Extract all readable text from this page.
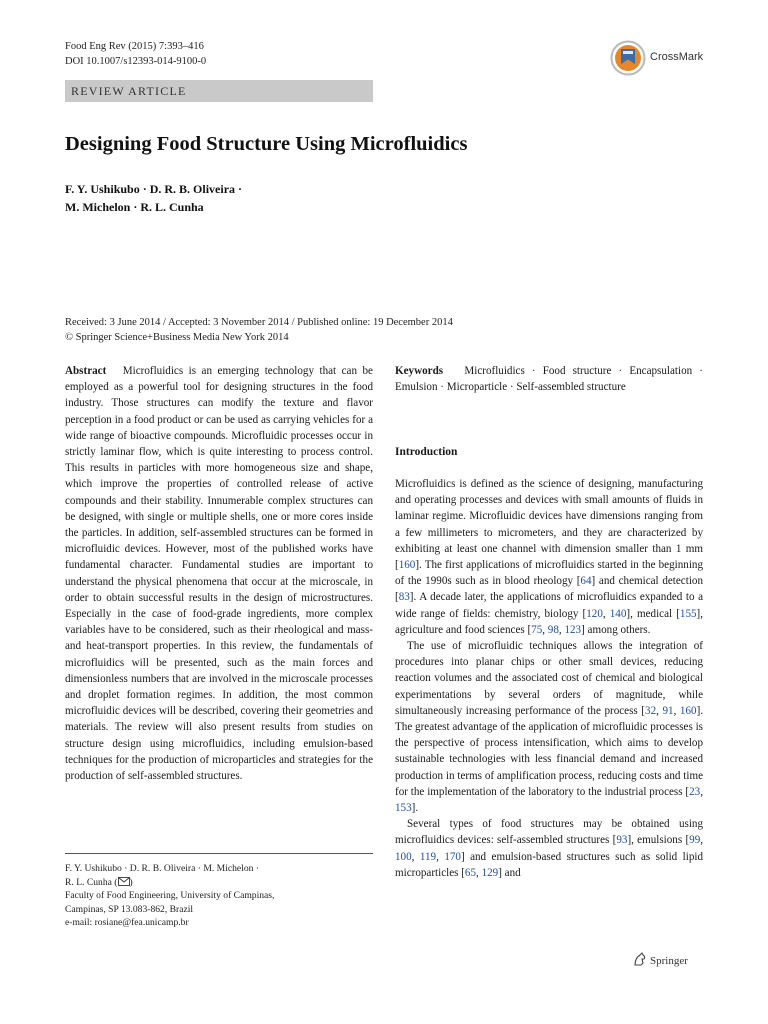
Food Eng Rev (2015) 7:393–416
DOI 10.1007/s12393-014-9100-0	CrossMark
REVIEW ARTICLE
Designing Food Structure Using Microfluidics
F. Y. Ushikubo · D. R. B. Oliveira ·
M. Michelon · R. L. Cunha
Received: 3 June 2014 / Accepted: 3 November 2014 / Published online: 19 December 2014
© Springer Science+Business Media New York 2014

Abstract Microfluidics is an emerging technology that can be employed as a powerful tool for designing structures in the food industry. Those structures can modify the texture and flavor perception in a food product or can be used as carrying vehicles for a wide range of bioactive compounds. Microfluidic processes occur in strictly laminar flow, which is quite interesting to process control. This results in particles with more homogeneous size and shape, which improve the properties of controlled release of active compounds and their stability. Innumerable complex structures can be designed, with single or multiple shells, one or more cores inside the particles. In addition, self-assembled structures can be formed in microfluidic devices. However, most of the published works have fundamental character. Fundamental studies are important to understand the physical phenomena that occur at the microscale, in order to obtain successful results in the design of microstructures. Especially in the case of food-grade ingredients, more complex variables have to be considered, such as their rheological and mass- and heat-transport properties. In this review, the fundamentals of microfluidics will be presented, such as the main forces and dimensionless numbers that are involved in the microscale processes and droplet formation regimes. In addition, the most common microfluidic devices will be described, covering their geometries and materials. The review will also present results from studies on structure design using microfluidics, including emulsion-based techniques for the production of microparticles and strategies for the production of self-assembled structures.

F. Y. Ushikubo · D. R. B. Oliveira · M. Michelon ·
R. L. Cunha ( )
Faculty of Food Engineering, University of Campinas,
Campinas, SP 13.083-862, Brazil
e-mail: rosiane@fea.unicamp.br

Keywords Microfluidics · Food structure · Encapsulation · Emulsion · Microparticle · Self-assembled structure

Introduction

Microfluidics is defined as the science of designing, manufacturing and operating processes and devices with small amounts of fluids in laminar regime. Microfluidic devices have dimensions ranging from a few millimeters to micrometers, and they are characterized by exhibiting at least one channel with dimension smaller than 1 mm [160]. The first applications of microfluidics started in the beginning of the 1990s such as in blood rheology [64] and chemical detection [83]. A decade later, the applications of microfluidics expanded to a wide range of fields: chemistry, biology [120, 140], medical [155], agriculture and food sciences [75, 98, 123] among others.

The use of microfluidic techniques allows the integration of procedures into planar chips or other small devices, reducing reaction volumes and the associated cost of chemical and biological experimentations by several orders of magnitude, while simultaneously increasing performance of the process [32, 91, 160]. The greatest advantage of the application of microfluidic processes is the perspective of process intensification, which aims to develop sustainable technologies with less financial demand and increased production in terms of amplification process, reducing costs and time for the implementation of the laboratory to the industrial process [23, 153].

Several types of food structures may be obtained using microfluidics devices: self-assembled structures [93], emulsions [99, 100, 119, 170] and emulsion-based structures such as solid lipid microparticles [65, 129] and

Springer
